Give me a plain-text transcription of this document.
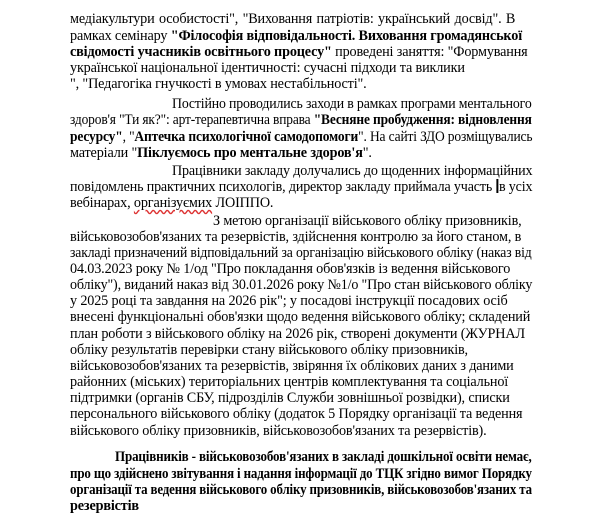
медіакультури особистості", "Виховання патріотів: український досвід". В
рамках семінару "Філософія відповідальності. Виховання громадянської
свідомості учасників освітнього процесу" проведені заняття: "Формування
української національної ідентичності: сучасні підходи та виклики
", "Педагогіка гнучкості в умовах нестабільності".
Постійно проводились заходи в рамках програми ментального
здоров'я "Ти як?": арт-терапевтична вправа "Весняне пробудження: відновлення
ресурсу", "Аптечка психологічної самодопомоги". На сайті ЗДО розміщувались
матеріали "Піклуємось про ментальне здоров'я".
Працівники закладу долучались до щоденних інформаційних
повідомлень практичних психологів, директор закладу приймала участь в усіх
вебінарах, організуємих ЛОІППО.
З метою організації військового обліку призовників,
військовозобов'язаних та резервістів, здійснення контролю за його станом, в
закладі призначений відповідальний за організацію військового обліку (наказ від
04.03.2023 року № 1/од "Про покладання обов'язків із ведення військового
обліку"), виданий наказ від 30.01.2026 року №1/о "Про стан військового обліку
у 2025 році та завдання на 2026 рік"; у посадові інструкції посадових осіб
внесені функціональні обов'язки щодо ведення військового обліку; складений
план роботи з військового обліку на 2026 рік, створені документи (ЖУРНАЛ
обліку результатів перевірки стану військового обліку призовників,
військовозобов'язаних та резервістів, звіряння їх облікових даних з даними
районних (міських) територіальних центрів комплектування та соціальної
підтримки (органів СБУ, підрозділів Служби зовнішньої розвідки), списки
персонального військового обліку (додаток 5 Порядку організації та ведення
військового обліку призовників, військовозобов'язаних та резервістів).
Працівників - військовозобов'язаних в закладі дошкільної освіти немає,
про що здійснено звітування і надання інформації до ТЦК згідно вимог Порядку
організації та ведення військового обліку призовників, військовозобов'язаних та
резервістів
